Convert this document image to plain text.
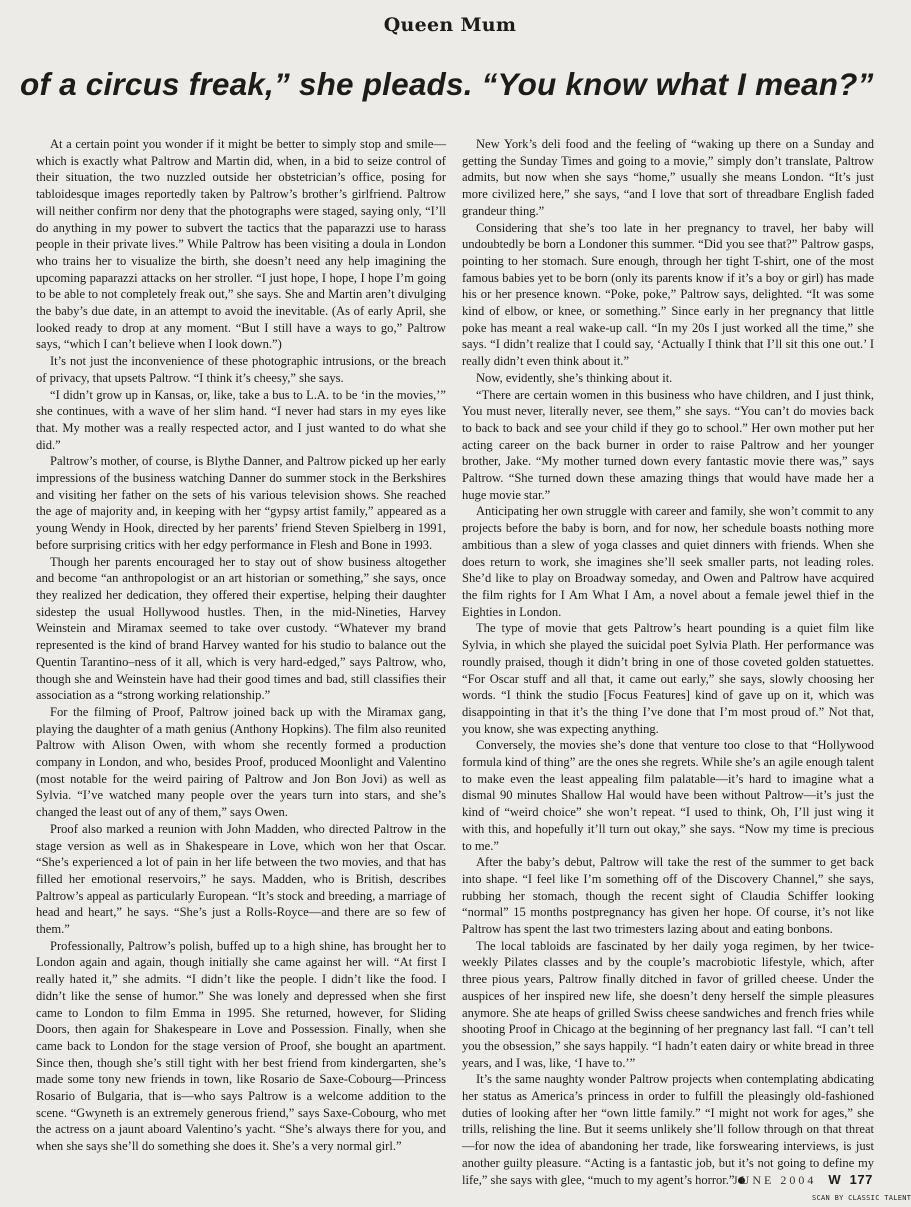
Queen Mum
of a circus freak,” she pleads. “You know what I mean?”

At a certain point you wonder if it might be better to simply stop and smile—which is exactly what Paltrow and Martin did, when, in a bid to seize control of their situation, the two nuzzled outside her obstetrician’s office, posing for tabloidesque images reportedly taken by Paltrow’s brother’s girlfriend. Paltrow will neither confirm nor deny that the photographs were staged, saying only, “I’ll do anything in my power to subvert the tactics that the paparazzi use to harass people in their private lives.” While Paltrow has been visiting a doula in London who trains her to visualize the birth, she doesn’t need any help imagining the upcoming paparazzi attacks on her stroller. “I just hope, I hope, I hope I’m going to be able to not completely freak out,” she says. She and Martin aren’t divulging the baby’s due date, in an attempt to avoid the inevitable. (As of early April, she looked ready to drop at any moment. “But I still have a ways to go,” Paltrow says, “which I can’t believe when I look down.”)

It’s not just the inconvenience of these photographic intrusions, or the breach of privacy, that upsets Paltrow. “I think it’s cheesy,” she says.

“I didn’t grow up in Kansas, or, like, take a bus to L.A. to be ‘in the movies,’” she continues, with a wave of her slim hand. “I never had stars in my eyes like that. My mother was a really respected actor, and I just wanted to do what she did.”

Paltrow’s mother, of course, is Blythe Danner, and Paltrow picked up her early impressions of the business watching Danner do summer stock in the Berkshires and visiting her father on the sets of his various television shows. She reached the age of majority and, in keeping with her “gypsy artist family,” appeared as a young Wendy in Hook, directed by her parents’ friend Steven Spielberg in 1991, before surprising critics with her edgy performance in Flesh and Bone in 1993.

Though her parents encouraged her to stay out of show business altogether and become “an anthropologist or an art historian or something,” she says, once they realized her dedication, they offered their expertise, helping their daughter sidestep the usual Hollywood hustles. Then, in the mid-Nineties, Harvey Weinstein and Miramax seemed to take over custody. “Whatever my brand represented is the kind of brand Harvey wanted for his studio to balance out the Quentin Tarantino–ness of it all, which is very hard-edged,” says Paltrow, who, though she and Weinstein have had their good times and bad, still classifies their association as a “strong working relationship.”

For the filming of Proof, Paltrow joined back up with the Miramax gang, playing the daughter of a math genius (Anthony Hopkins). The film also reunited Paltrow with Alison Owen, with whom she recently formed a production company in London, and who, besides Proof, produced Moonlight and Valentino (most notable for the weird pairing of Paltrow and Jon Bon Jovi) as well as Sylvia. “I’ve watched many people over the years turn into stars, and she’s changed the least out of any of them,” says Owen.

Proof also marked a reunion with John Madden, who directed Paltrow in the stage version as well as in Shakespeare in Love, which won her that Oscar. “She’s experienced a lot of pain in her life between the two movies, and that has filled her emotional reservoirs,” he says. Madden, who is British, describes Paltrow’s appeal as particularly European. “It’s stock and breeding, a marriage of head and heart,” he says. “She’s just a Rolls-Royce—and there are so few of them.”

Professionally, Paltrow’s polish, buffed up to a high shine, has brought her to London again and again, though initially she came against her will. “At first I really hated it,” she admits. “I didn’t like the people. I didn’t like the food. I didn’t like the sense of humor.” She was lonely and depressed when she first came to London to film Emma in 1995. She returned, however, for Sliding Doors, then again for Shakespeare in Love and Possession. Finally, when she came back to London for the stage version of Proof, she bought an apartment. Since then, though she’s still tight with her best friend from kindergarten, she’s made some tony new friends in town, like Rosario de Saxe-Cobourg—Princess Rosario of Bulgaria, that is—who says Paltrow is a welcome addition to the scene. “Gwyneth is an extremely generous friend,” says Saxe-Cobourg, who met the actress on a jaunt aboard Valentino’s yacht. “She’s always there for you, and when she says she’ll do something she does it. She’s a very normal girl.”

New York’s deli food and the feeling of “waking up there on a Sunday and getting the Sunday Times and going to a movie,” simply don’t translate, Paltrow admits, but now when she says “home,” usually she means London. “It’s just more civilized here,” she says, “and I love that sort of threadbare English faded grandeur thing.”

Considering that she’s too late in her pregnancy to travel, her baby will undoubtedly be born a Londoner this summer. “Did you see that?” Paltrow gasps, pointing to her stomach. Sure enough, through her tight T-shirt, one of the most famous babies yet to be born (only its parents know if it’s a boy or girl) has made his or her presence known. “Poke, poke,” Paltrow says, delighted. “It was some kind of elbow, or knee, or something.” Since early in her pregnancy that little poke has meant a real wake-up call. “In my 20s I just worked all the time,” she says. “I didn’t realize that I could say, ‘Actually I think that I’ll sit this one out.’ I really didn’t even think about it.”

Now, evidently, she’s thinking about it.

“There are certain women in this business who have children, and I just think, You must never, literally never, see them,” she says. “You can’t do movies back to back to back and see your child if they go to school.” Her own mother put her acting career on the back burner in order to raise Paltrow and her younger brother, Jake. “My mother turned down every fantastic movie there was,” says Paltrow. “She turned down these amazing things that would have made her a huge movie star.”

Anticipating her own struggle with career and family, she won’t commit to any projects before the baby is born, and for now, her schedule boasts nothing more ambitious than a slew of yoga classes and quiet dinners with friends. When she does return to work, she imagines she’ll seek smaller parts, not leading roles. She’d like to play on Broadway someday, and Owen and Paltrow have acquired the film rights for I Am What I Am, a novel about a female jewel thief in the Eighties in London.

The type of movie that gets Paltrow’s heart pounding is a quiet film like Sylvia, in which she played the suicidal poet Sylvia Plath. Her performance was roundly praised, though it didn’t bring in one of those coveted golden statuettes. “For Oscar stuff and all that, it came out early,” she says, slowly choosing her words. “I think the studio [Focus Features] kind of gave up on it, which was disappointing in that it’s the thing I’ve done that I’m most proud of.” Not that, you know, she was expecting anything.

Conversely, the movies she’s done that venture too close to that “Hollywood formula kind of thing” are the ones she regrets. While she’s an agile enough talent to make even the least appealing film palatable—it’s hard to imagine what a dismal 90 minutes Shallow Hal would have been without Paltrow—it’s just the kind of “weird choice” she won’t repeat. “I used to think, Oh, I’ll just wing it with this, and hopefully it’ll turn out okay,” she says. “Now my time is precious to me.”

After the baby’s debut, Paltrow will take the rest of the summer to get back into shape. “I feel like I’m something off of the Discovery Channel,” she says, rubbing her stomach, though the recent sight of Claudia Schiffer looking “normal” 15 months postpregnancy has given her hope. Of course, it’s not like Paltrow has spent the last two trimesters lazing about and eating bonbons.

The local tabloids are fascinated by her daily yoga regimen, by her twice-weekly Pilates classes and by the couple’s macrobiotic lifestyle, which, after three pious years, Paltrow finally ditched in favor of grilled cheese. Under the auspices of her inspired new life, she doesn’t deny herself the simple pleasures anymore. She ate heaps of grilled Swiss cheese sandwiches and french fries while shooting Proof in Chicago at the beginning of her pregnancy last fall. “I can’t tell you the obsession,” she says happily. “I hadn’t eaten dairy or white bread in three years, and I was, like, ‘I have to.’”

It’s the same naughty wonder Paltrow projects when contemplating abdicating her status as America’s princess in order to fulfill the pleasingly old-fashioned duties of looking after her “own little family.” “I might not work for ages,” she trills, relishing the line. But it seems unlikely she’ll follow through on that threat—for now the idea of abandoning her trade, like forswearing interviews, is just another guilty pleasure. “Acting is a fantastic job, but it’s not going to define my life,” she says with glee, “much to my agent’s horror.”

JUNE 2004 W 177
SCAN BY CLASSIC TALENT
